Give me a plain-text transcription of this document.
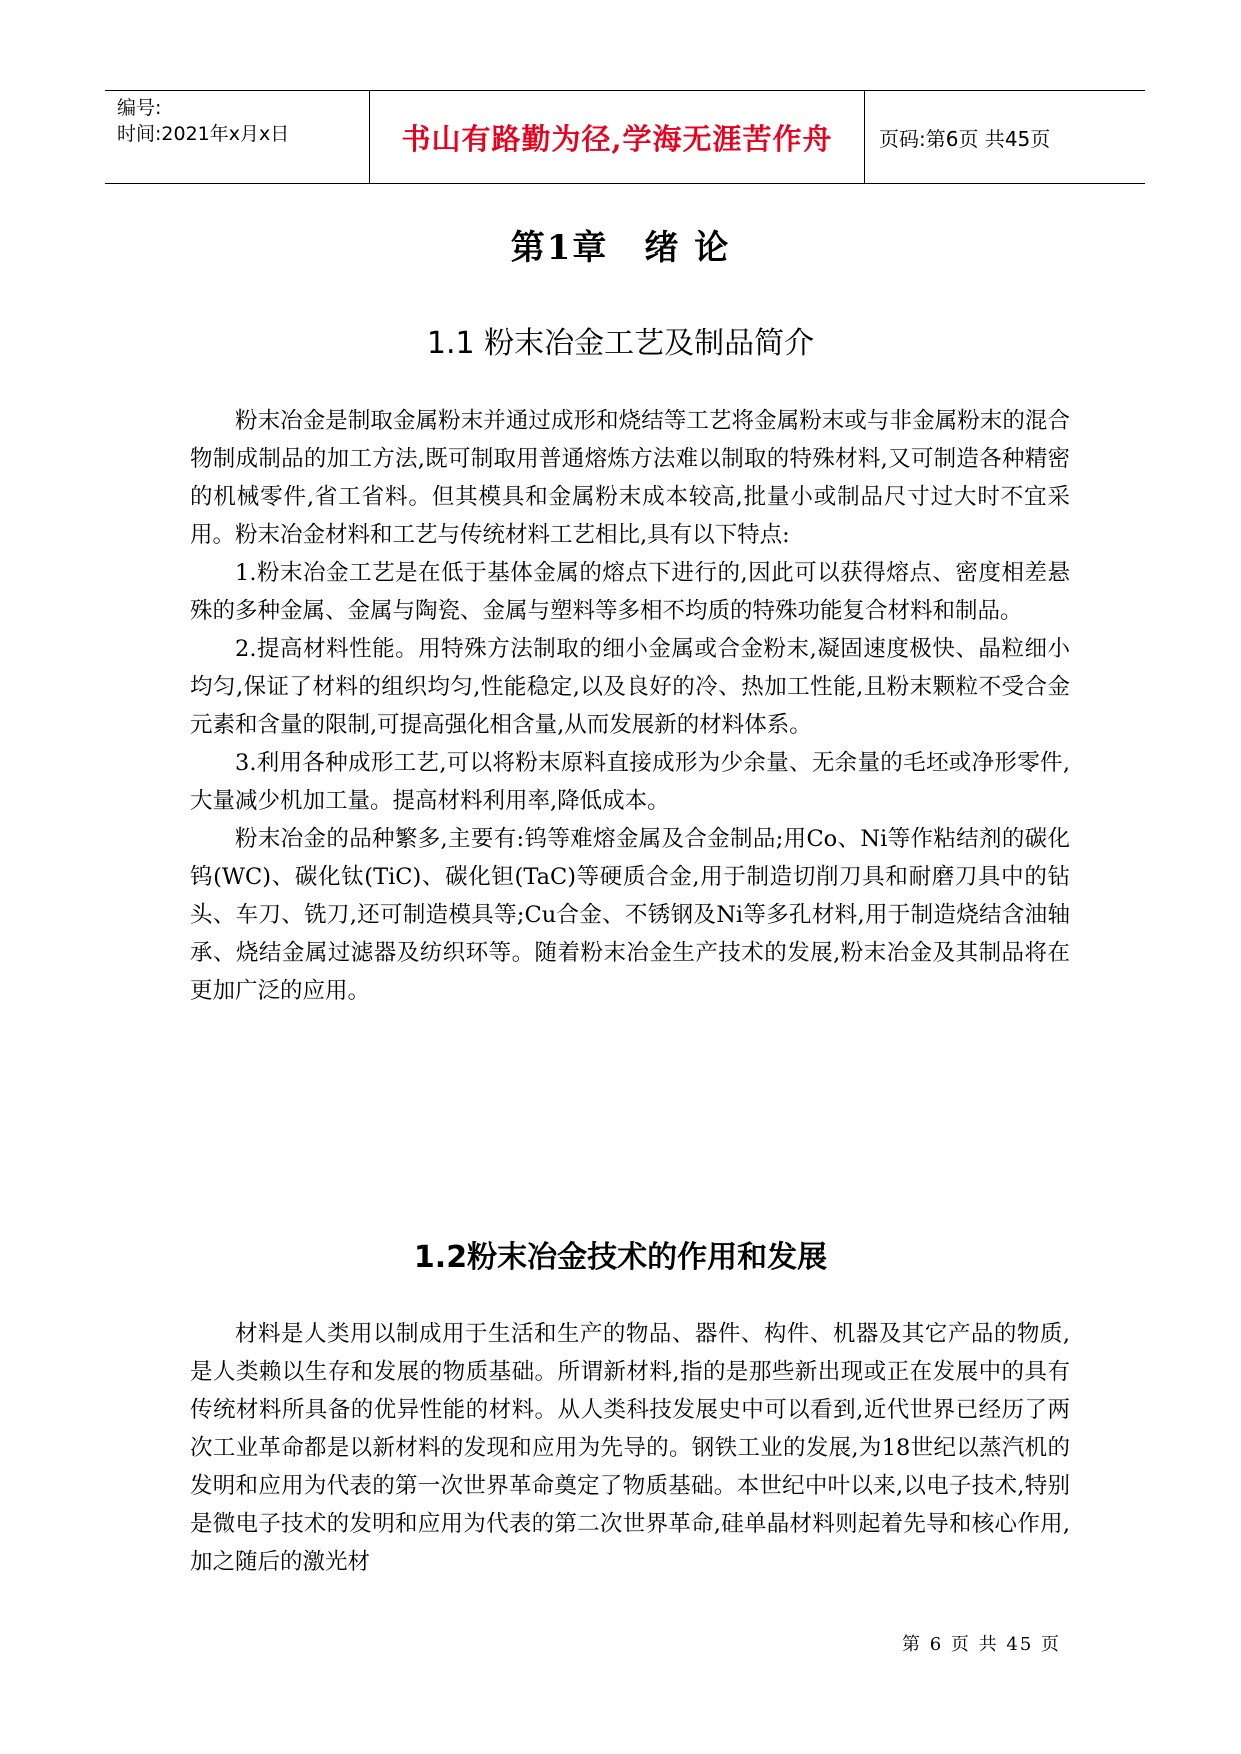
编号:
时间:2021年x月x日	书山有路勤为径,学海无涯苦作舟	页码:第6页 共45页
第1章　绪 论
1.1 粉末冶金工艺及制品简介

粉末冶金是制取金属粉末并通过成形和烧结等工艺将金属粉末或与非金属粉末的混合物制成制品的加工方法,既可制取用普通熔炼方法难以制取的特殊材料,又可制造各种精密的机械零件,省工省料。但其模具和金属粉末成本较高,批量小或制品尺寸过大时不宜采用。粉末冶金材料和工艺与传统材料工艺相比,具有以下特点:

1.粉末冶金工艺是在低于基体金属的熔点下进行的,因此可以获得熔点、密度相差悬殊的多种金属、金属与陶瓷、金属与塑料等多相不均质的特殊功能复合材料和制品。

2.提高材料性能。用特殊方法制取的细小金属或合金粉末,凝固速度极快、晶粒细小均匀,保证了材料的组织均匀,性能稳定,以及良好的冷、热加工性能,且粉末颗粒不受合金元素和含量的限制,可提高强化相含量,从而发展新的材料体系。

3.利用各种成形工艺,可以将粉末原料直接成形为少余量、无余量的毛坯或净形零件,大量减少机加工量。提高材料利用率,降低成本。

粉末冶金的品种繁多,主要有:钨等难熔金属及合金制品;用Co、Ni等作粘结剂的碳化钨(WC)、碳化钛(TiC)、碳化钽(TaC)等硬质合金,用于制造切削刀具和耐磨刀具中的钻头、车刀、铣刀,还可制造模具等;Cu合金、不锈钢及Ni等多孔材料,用于制造烧结含油轴承、烧结金属过滤器及纺织环等。随着粉末冶金生产技术的发展,粉末冶金及其制品将在更加广泛的应用。

1.2粉末冶金技术的作用和发展

材料是人类用以制成用于生活和生产的物品、器件、构件、机器及其它产品的物质,是人类赖以生存和发展的物质基础。所谓新材料,指的是那些新出现或正在发展中的具有传统材料所具备的优异性能的材料。从人类科技发展史中可以看到,近代世界已经历了两次工业革命都是以新材料的发现和应用为先导的。钢铁工业的发展,为18世纪以蒸汽机的发明和应用为代表的第一次世界革命奠定了物质基础。本世纪中叶以来,以电子技术,特别是微电子技术的发明和应用为代表的第二次世界革命,硅单晶材料则起着先导和核心作用,加之随后的激光材

第 6 页 共 45 页
